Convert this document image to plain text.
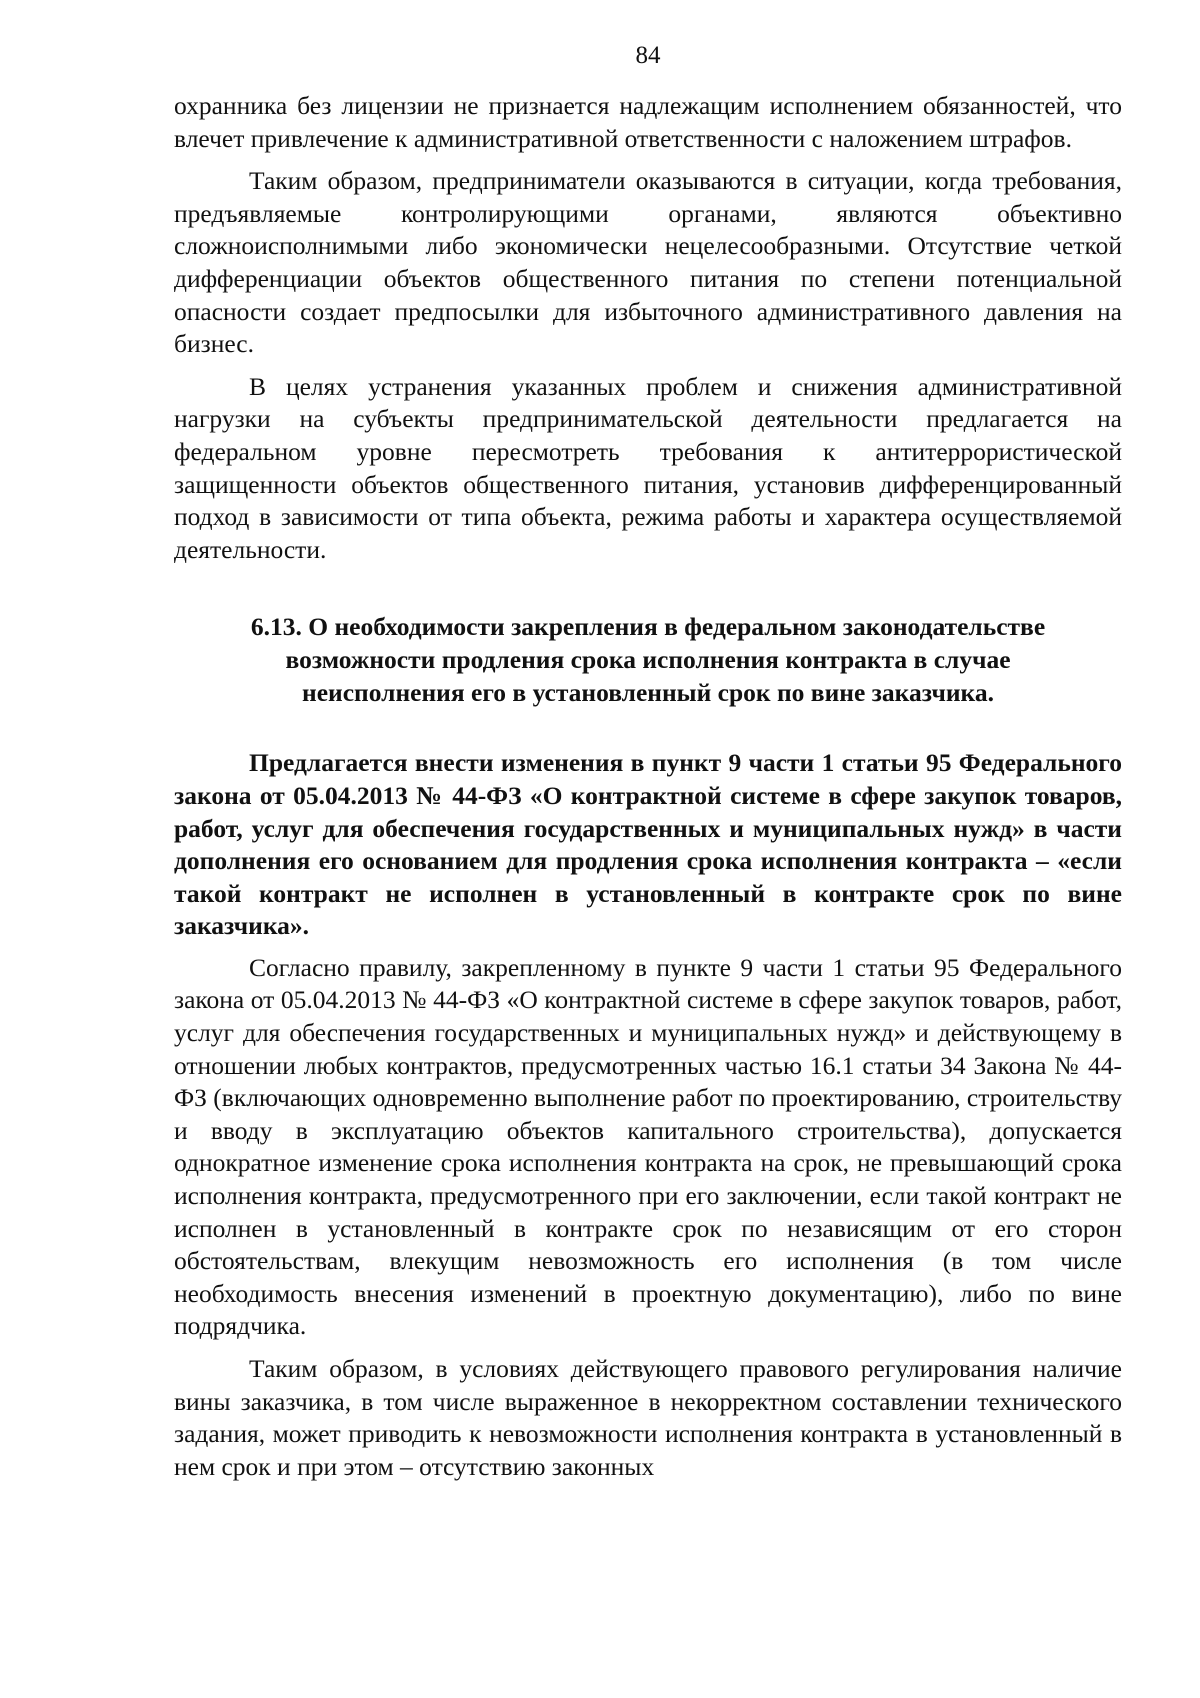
84

охранника без лицензии не признается надлежащим исполнением обязанностей, что влечет привлечение к административной ответственности с наложением штрафов.

Таким образом, предприниматели оказываются в ситуации, когда требования, предъявляемые контролирующими органами, являются объективно сложноисполнимыми либо экономически нецелесообразными. Отсутствие четкой дифференциации объектов общественного питания по степени потенциальной опасности создает предпосылки для избыточного административного давления на бизнес.

В целях устранения указанных проблем и снижения административной нагрузки на субъекты предпринимательской деятельности предлагается на федеральном уровне пересмотреть требования к антитеррористической защищенности объектов общественного питания, установив дифференцированный подход в зависимости от типа объекта, режима работы и характера осуществляемой деятельности.

6.13. О необходимости закрепления в федеральном законодательстве
возможности продления срока исполнения контракта в случае
неисполнения его в установленный срок по вине заказчика.

Предлагается внести изменения в пункт 9 части 1 статьи 95 Федерального закона от 05.04.2013 № 44-ФЗ «О контрактной системе в сфере закупок товаров, работ, услуг для обеспечения государственных и муниципальных нужд» в части дополнения его основанием для продления срока исполнения контракта – «если такой контракт не исполнен в установленный в контракте срок по вине заказчика».

Согласно правилу, закрепленному в пункте 9 части 1 статьи 95 Федерального закона от 05.04.2013 № 44-ФЗ «О контрактной системе в сфере закупок товаров, работ, услуг для обеспечения государственных и муниципальных нужд» и действующему в отношении любых контрактов, предусмотренных частью 16.1 статьи 34 Закона № 44-ФЗ (включающих одновременно выполнение работ по проектированию, строительству и вводу в эксплуатацию объектов капитального строительства), допускается однократное изменение срока исполнения контракта на срок, не превышающий срока исполнения контракта, предусмотренного при его заключении, если такой контракт не исполнен в установленный в контракте срок по независящим от его сторон обстоятельствам, влекущим невозможность его исполнения (в том числе необходимость внесения изменений в проектную документацию), либо по вине подрядчика.

Таким образом, в условиях действующего правового регулирования наличие вины заказчика, в том числе выраженное в некорректном составлении технического задания, может приводить к невозможности исполнения контракта в установленный в нем срок и при этом – отсутствию законных
